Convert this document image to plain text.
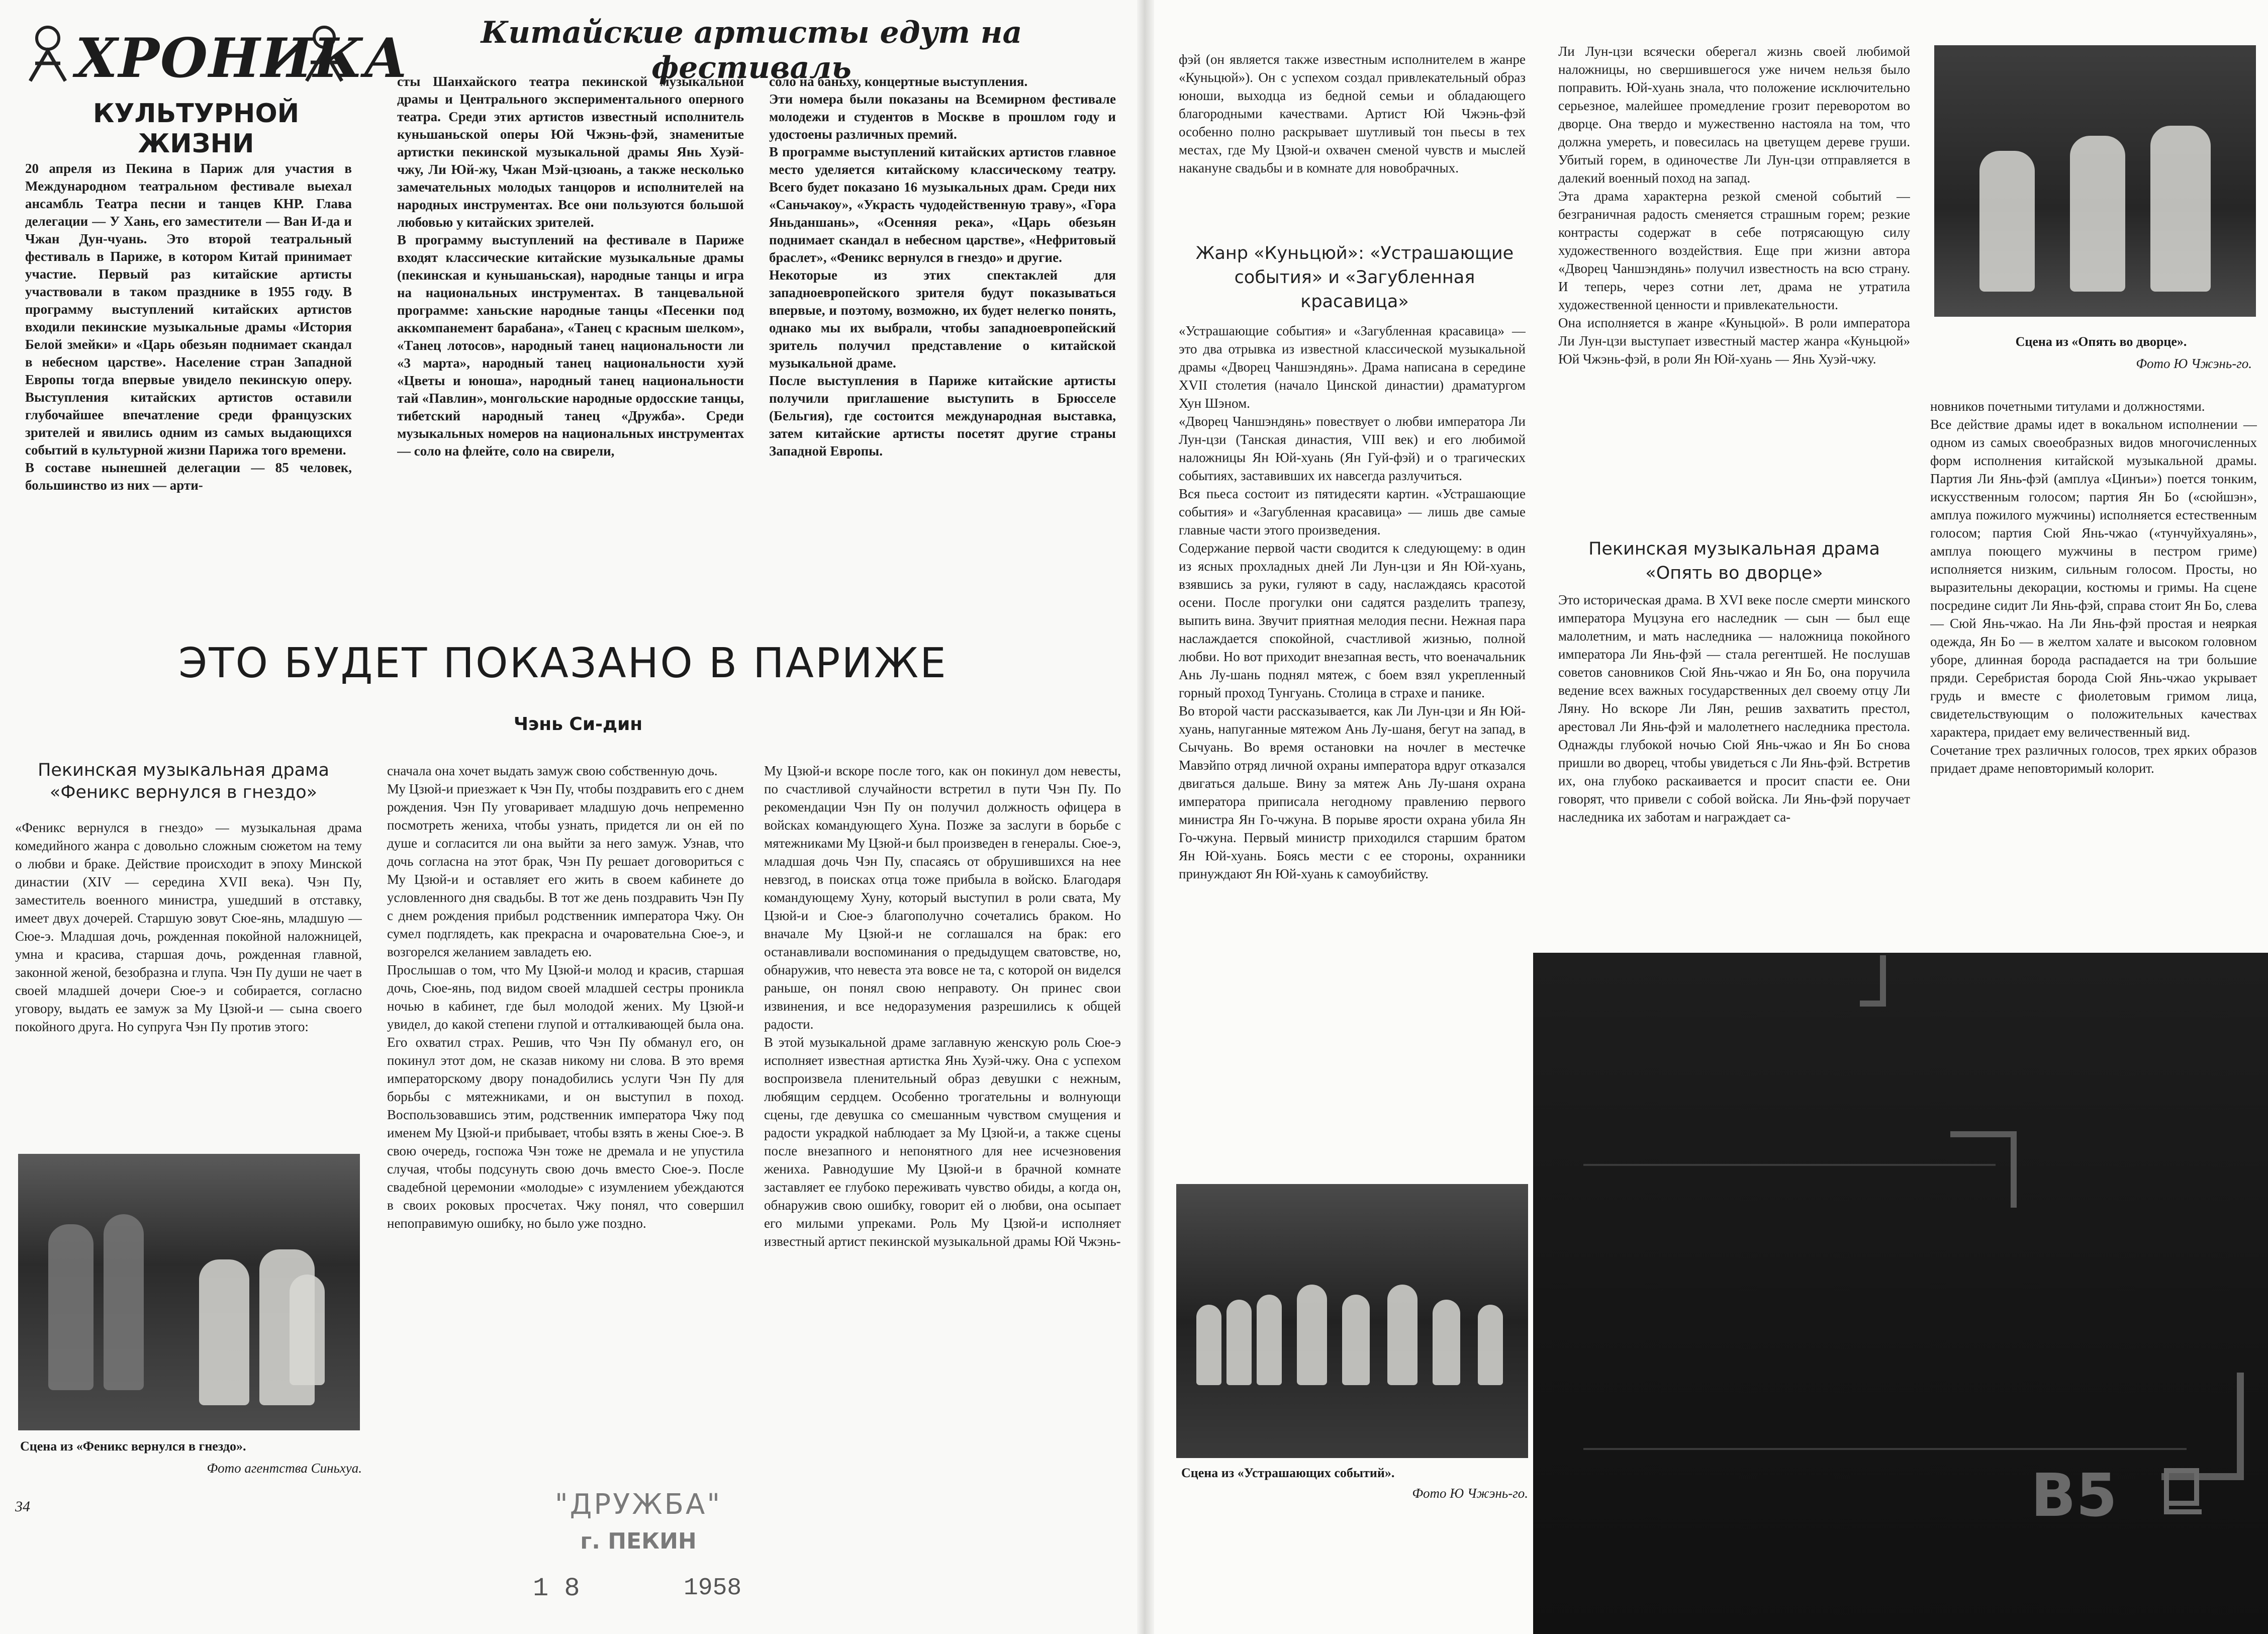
ХРОНИКА
КУЛЬТУРНОЙ ЖИЗНИ
Китайские артисты едут на фестиваль
20 апреля из Пекина в Париж для участия в Международном театральном фестивале выехал ансамбль Театра песни и танцев КНР. Глава делегации — У Хань, его заместители — Ван И-да и Чжан Дун-чуань. Это второй театральный фестиваль в Париже, в котором Китай принимает участие. Первый раз китайские артисты участвовали в таком празднике в 1955 году. В программу выступлений китайских артистов входили пекинские музыкальные драмы «История Белой змейки» и «Царь обезьян поднимает скандал в небесном царстве». Население стран Западной Европы тогда впервые увидело пекинскую оперу. Выступления китайских артистов оставили глубочайшее впечатление среди французских зрителей и явились одним из самых выдающихся событий в культурной жизни Парижа того времени.
В составе нынешней делегации — 85 человек, большинство из них — арти-
сты Шанхайского театра пекинской музыкальной драмы и Центрального экспериментального оперного театра. Среди этих артистов известный исполнитель куньшаньской оперы Юй Чжэнь-фэй, знаменитые артистки пекинской музыкальной драмы Янь Хуэй-чжу, Ли Юй-жу, Чжан Мэй-цзюань, а также несколько замечательных молодых танцоров и исполнителей на народных инструментах. Все они пользуются большой любовью у китайских зрителей.
В программу выступлений на фестивале в Париже входят классические китайские музыкальные драмы (пекинская и куньшаньская), народные танцы и игра на национальных инструментах. В танцевальной программе: ханьские народные танцы «Песенки под аккомпанемент барабана», «Танец с красным шелком», «Танец лотосов», народный танец национальности ли «3 марта», народный танец национальности хуэй «Цветы и юноша», народный танец национальности тай «Павлин», монгольские народные ордосские танцы, тибетский народный танец «Дружба». Среди музыкальных номеров на национальных инструментах — соло на флейте, соло на свирели,
соло на баньху, концертные выступления.
Эти номера были показаны на Всемирном фестивале молодежи и студентов в Москве в прошлом году и удостоены различных премий.
В программе выступлений китайских артистов главное место уделяется китайскому классическому театру. Всего будет показано 16 музыкальных драм. Среди них «Саньчакоу», «Украсть чудодейственную траву», «Гора Яньданшань», «Осенняя река», «Царь обезьян поднимает скандал в небесном царстве», «Нефритовый браслет», «Феникс вернулся в гнездо» и другие.
Некоторые из этих спектаклей для западноевропейского зрителя будут показываться впервые, и поэтому, возможно, их будет нелегко понять, однако мы их выбрали, чтобы западноевропейский зритель получил представление о китайской музыкальной драме.
После выступления в Париже китайские артисты получили приглашение выступить в Брюсселе (Бельгия), где состоится международная выставка, затем китайские артисты посетят другие страны Западной Европы.
ЭТО БУДЕТ ПОКАЗАНО В ПАРИЖЕ
Чэнь Си-дин
Пекинская музыкальная драма «Феникс вернулся в гнездо»
«Феникс вернулся в гнездо» — музыкальная драма комедийного жанра с довольно сложным сюжетом на тему о любви и браке. Действие происходит в эпоху Минской династии (XIV — середина XVII века). Чэн Пу, заместитель военного министра, ушедший в отставку, имеет двух дочерей. Старшую зовут Сюе-янь, младшую — Сюе-э. Младшая дочь, рожденная покойной наложницей, умна и красива, старшая дочь, рожденная главной, законной женой, безобразна и глупа. Чэн Пу души не чает в своей младшей дочери Сюе-э и собирается, согласно уговору, выдать ее замуж за Му Цзюй-и — сына своего покойного друга. Но супруга Чэн Пу против этого:
сначала она хочет выдать замуж свою собственную дочь.
Му Цзюй-и приезжает к Чэн Пу, чтобы поздравить его с днем рождения. Чэн Пу уговаривает младшую дочь непременно посмотреть жениха, чтобы узнать, придется ли он ей по душе и согласится ли она выйти за него замуж. Узнав, что дочь согласна на этот брак, Чэн Пу решает договориться с Му Цзюй-и и оставляет его жить в своем кабинете до условленного дня свадьбы. В тот же день поздравить Чэн Пу с днем рождения прибыл родственник императора Чжу. Он сумел подглядеть, как прекрасна и очаровательна Сюе-э, и возгорелся желанием завладеть ею.
Прослышав о том, что Му Цзюй-и молод и красив, старшая дочь, Сюе-янь, под видом своей младшей сестры проникла ночью в кабинет, где был молодой жених. Му Цзюй-и увидел, до какой степени глупой и отталкивающей была она. Его охватил страх. Решив, что Чэн Пу обманул его, он покинул этот дом, не сказав никому ни слова. В это время императорскому двору понадобились услуги Чэн Пу для борьбы с мятежниками, и он выступил в поход. Воспользовавшись этим, родственник императора Чжу под именем Му Цзюй-и прибывает, чтобы взять в жены Сюе-э. В свою очередь, госпожа Чэн тоже не дремала и не упустила случая, чтобы подсунуть свою дочь вместо Сюе-э. После свадебной церемонии «молодые» с изумлением убеждаются в своих роковых просчетах. Чжу понял, что совершил непоправимую ошибку, но было уже поздно.
Му Цзюй-и вскоре после того, как он покинул дом невесты, по счастливой случайности встретил в пути Чэн Пу. По рекомендации Чэн Пу он получил должность офицера в войсках командующего Хуна. Позже за заслуги в борьбе с мятежниками Му Цзюй-и был произведен в генералы. Сюе-э, младшая дочь Чэн Пу, спасаясь от обрушившихся на нее невзгод, в поисках отца тоже прибыла в войско. Благодаря командующему Хуну, который выступил в роли свата, Му Цзюй-и и Сюе-э благополучно сочетались браком. Но вначале Му Цзюй-и не соглашался на брак: его останавливали воспоминания о предыдущем сватовстве, но, обнаружив, что невеста эта вовсе не та, с которой он виделся раньше, он понял свою неправоту. Он принес свои извинения, и все недоразумения разрешились к общей радости.
В этой музыкальной драме заглавную женскую роль Сюе-э исполняет известная артистка Янь Хуэй-чжу. Она с успехом воспроизвела пленительный образ девушки с нежным, любящим сердцем. Особенно трогательны и волнующи сцены, где девушка со смешанным чувством смущения и радости украдкой наблюдает за Му Цзюй-и, а также сцены после внезапного и непонятного для нее исчезновения жениха. Равнодушие Му Цзюй-и в брачной комнате заставляет ее глубоко переживать чувство обиды, а когда он, обнаружив свою ошибку, говорит ей о любви, она осыпает его милыми упреками. Роль Му Цзюй-и исполняет известный артист пекинской музыкальной драмы Юй Чжэнь-
Сцена из «Феникс вернулся в гнездо».
Фото агентства Синьхуа.
34	"ДРУЖБА"
г. ПЕКИН
1 8	1958
фэй (он является также известным исполнителем в жанре «Куньцюй»). Он с успехом создал привлекательный образ юноши, выходца из бедной семьи и обладающего благородными качествами. Артист Юй Чжэнь-фэй особенно полно раскрывает шутливый тон пьесы в тех местах, где Му Цзюй-и охвачен сменой чувств и мыслей накануне свадьбы и в комнате для новобрачных.
Жанр «Куньцюй»: «Устрашающие события» и «Загубленная красавица»
«Устрашающие события» и «Загубленная красавица» — это два отрывка из известной классической музыкальной драмы «Дворец Чаншэндянь». Драма написана в середине XVII столетия (начало Цинской династии) драматургом Хун Шэном.
«Дворец Чаншэндянь» повествует о любви императора Ли Лун-цзи (Танская династия, VIII век) и его любимой наложницы Ян Юй-хуань (Ян Гуй-фэй) и о трагических событиях, заставивших их навсегда разлучиться.
Вся пьеса состоит из пятидесяти картин. «Устрашающие события» и «Загубленная красавица» — лишь две самые главные части этого произведения.
Содержание первой части сводится к следующему: в один из ясных прохладных дней Ли Лун-цзи и Ян Юй-хуань, взявшись за руки, гуляют в саду, наслаждаясь красотой осени. После прогулки они садятся разделить трапезу, выпить вина. Звучит приятная мелодия песни. Нежная пара наслаждается спокойной, счастливой жизнью, полной любви. Но вот приходит внезапная весть, что военачальник Ань Лу-шань поднял мятеж, с боем взял укрепленный горный проход Тунгуань. Столица в страхе и панике.
Во второй части рассказывается, как Ли Лун-цзи и Ян Юй-хуань, напуганные мятежом Ань Лу-шаня, бегут на запад, в Сычуань. Во время остановки на ночлег в местечке Мавэйпо отряд личной охраны императора вдруг отказался двигаться дальше. Вину за мятеж Ань Лу-шаня охрана императора приписала негодному правлению первого министра Ян Го-чжуна. В порыве ярости охрана убила Ян Го-чжуна. Первый министр приходился старшим братом Ян Юй-хуань. Боясь мести с ее стороны, охранники принуждают Ян Юй-хуань к самоубийству.
Ли Лун-цзи всячески оберегал жизнь своей любимой наложницы, но свершившегося уже ничем нельзя было поправить. Юй-хуань знала, что положение исключительно серьезное, малейшее промедление грозит переворотом во дворце. Она твердо и мужественно настояла на том, что должна умереть, и повесилась на цветущем дереве груши. Убитый горем, в одиночестве Ли Лун-цзи отправляется в далекий военный поход на запад.
Эта драма характерна резкой сменой событий — безграничная радость сменяется страшным горем; резкие контрасты содержат в себе потрясающую силу художественного воздействия. Еще при жизни автора «Дворец Чаншэндянь» получил известность на всю страну. И теперь, через сотни лет, драма не утратила художественной ценности и привлекательности.
Она исполняется в жанре «Куньцюй». В роли императора Ли Лун-цзи выступает известный мастер жанра «Куньцюй» Юй Чжэнь-фэй, в роли Ян Юй-хуань — Янь Хуэй-чжу.
Пекинская музыкальная драма «Опять во дворце»
Это историческая драма. В XVI веке после смерти минского императора Муцзуна его наследник — сын — был еще малолетним, и мать наследника — наложница покойного императора Ли Янь-фэй — стала регентшей. Не послушав советов сановников Сюй Янь-чжао и Ян Бо, она поручила ведение всех важных государственных дел своему отцу Ли Ляну. Но вскоре Ли Лян, решив захватить престол, арестовал Ли Янь-фэй и малолетнего наследника престола. Однажды глубокой ночью Сюй Янь-чжао и Ян Бо снова пришли во дворец, чтобы увидеться с Ли Янь-фэй. Встретив их, она глубоко раскаивается и просит спасти ее. Они говорят, что привели с собой войска. Ли Янь-фэй поручает наследника их заботам и награждает са-
Сцена из «Устрашающих событий».
Фото Ю Чжэнь-го.
Сцена из «Опять во дворце».
Фото Ю Чжэнь-го.
новников почетными титулами и должностями.
Все действие драмы идет в вокальном исполнении — одном из самых своеобразных видов многочисленных форм исполнения китайской музыкальной драмы. Партия Ли Янь-фэй (амплуа «Цинъи») поется тонким, искусственным голосом; партия Ян Бо («сюйшэн», амплуа пожилого мужчины) исполняется естественным голосом; партия Сюй Янь-чжао («тунчуйхуалянь», амплуа поющего мужчины в пестром гриме) исполняется низким, сильным голосом. Просты, но выразительны декорации, костюмы и гримы. На сцене посредине сидит Ли Янь-фэй, справа стоит Ян Бо, слева — Сюй Янь-чжао. На Ли Янь-фэй простая и неяркая одежда, Ян Бо — в желтом халате и высоком головном уборе, длинная борода распадается на три большие пряди. Серебристая борода Сюй Янь-чжао укрывает грудь и вместе с фиолетовым гримом лица, свидетельствующим о положительных качествах характера, придает ему величественный вид.
Сочетание трех различных голосов, трех ярких образов придает драме неповторимый колорит.
B5
